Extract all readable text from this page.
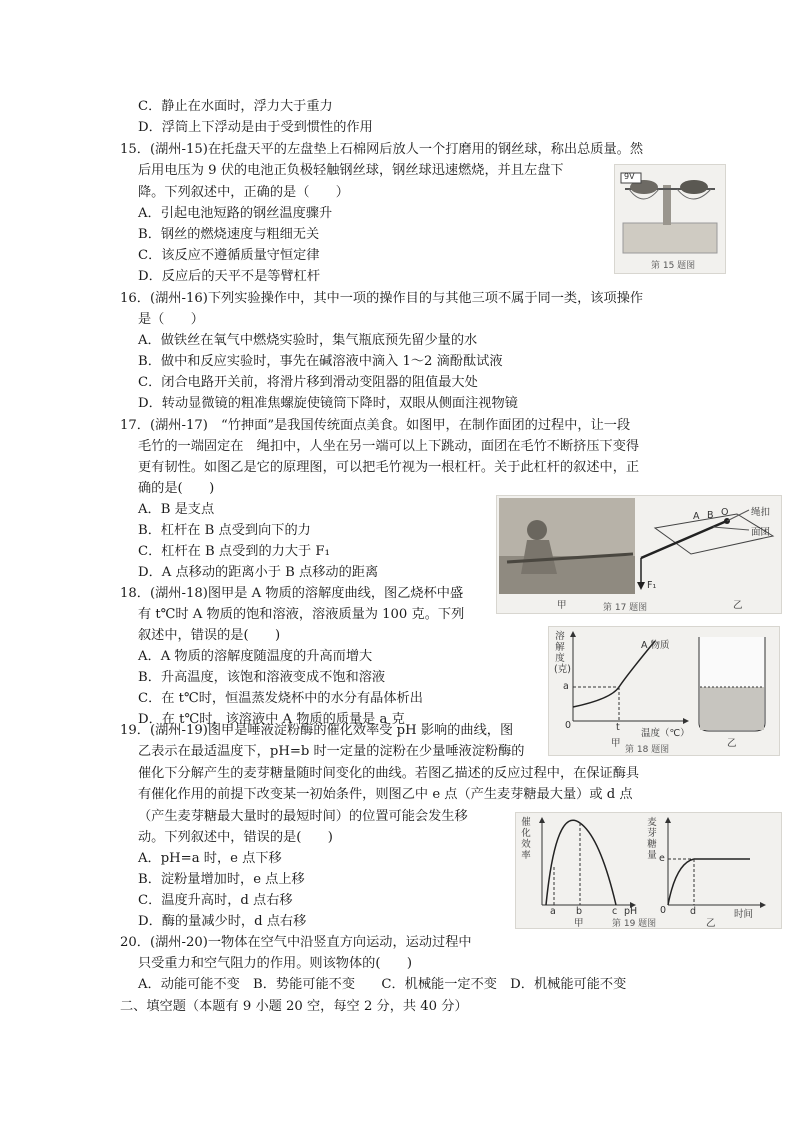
C．静止在水面时，浮力大于重力
D．浮筒上下浮动是由于受到惯性的作用
15．(湖州-15)在托盘天平的左盘垫上石棉网后放人一个打磨用的钢丝球，称出总质量。然
后用电压为 9 伏的电池正负极轻触钢丝球，钢丝球迅速燃烧，并且左盘下
降。下列叙述中，正确的是（　　）
A．引起电池短路的钢丝温度骤升
B．钢丝的燃烧速度与粗细无关
C．该反应不遵循质量守恒定律
D．反应后的天平不是等臂杠杆
9V
第 15 题图
16．(湖州-16)下列实验操作中，其中一项的操作目的与其他三项不属于同一类，该项操作
是（　　）
A．做铁丝在氧气中燃烧实验时，集气瓶底预先留少量的水
B．做中和反应实验时，事先在碱溶液中滴入 1～2 滴酚酞试液
C．闭合电路开关前，将滑片移到滑动变阻器的阻值最大处
D．转动显微镜的粗准焦螺旋使镜筒下降时，双眼从侧面注视物镜
17．(湖州-17)　“竹抻面”是我国传统面点美食。如图甲，在制作面团的过程中，让一段
毛竹的一端固定在　绳扣中，人坐在另一端可以上下跳动，面团在毛竹不断挤压下变得
更有韧性。如图乙是它的原理图，可以把毛竹视为一根杠杆。关于此杠杆的叙述中，正
确的是(　　)
A．B 是支点
B．杠杆在 B 点受到向下的力
C．杠杆在 B 点受到的力大于 F₁
D．A 点移动的距离小于 B 点移动的距离
A B O 绳扣
面团
F₁
甲	乙
第 17 题图
18．(湖州-18)图甲是 A 物质的溶解度曲线，图乙烧杯中盛
有 t℃时 A 物质的饱和溶液，溶液质量为 100 克。下列
叙述中，错误的是(　　)
A．A 物质的溶解度随温度的升高而增大
B．升高温度，该饱和溶液变成不饱和溶液
C．在 t℃时，恒温蒸发烧杯中的水分有晶体析出
D．在 t℃时，该溶液中 A 物质的质量是 a 克
溶解度(克)
A 物质
a
t
0
温度（℃）
甲	乙
第 18 题图
19．(湖州-19)图甲是唾液淀粉酶的催化效率受 pH 影响的曲线，图
乙表示在最适温度下，pH=b 时一定量的淀粉在少量唾液淀粉酶的
催化下分解产生的麦芽糖量随时间变化的曲线。若图乙描述的反应过程中，在保证酶具
有催化作用的前提下改变某一初始条件，则图乙中 e 点（产生麦芽糖最大量）或 d 点
（产生麦芽糖最大量时的最短时间）的位置可能会发生移
动。下列叙述中，错误的是(　　)
A．pH=a 时，e 点下移
B．淀粉量增加时，e 点上移
C．温度升高时，d 点右移
D．酶的量减少时，d 点右移
催化效率
a b	c pH
麦芽糖量 e
d
0	时间
甲	乙
第 19 题图
20．(湖州-20)一物体在空气中沿竖直方向运动，运动过程中
只受重力和空气阻力的作用。则该物体的(　　)
A．动能可能不变　B．势能可能不变　　C．机械能一定不变　D．机械能可能不变
二、填空题（本题有 9 小题 20 空，每空 2 分，共 40 分）
